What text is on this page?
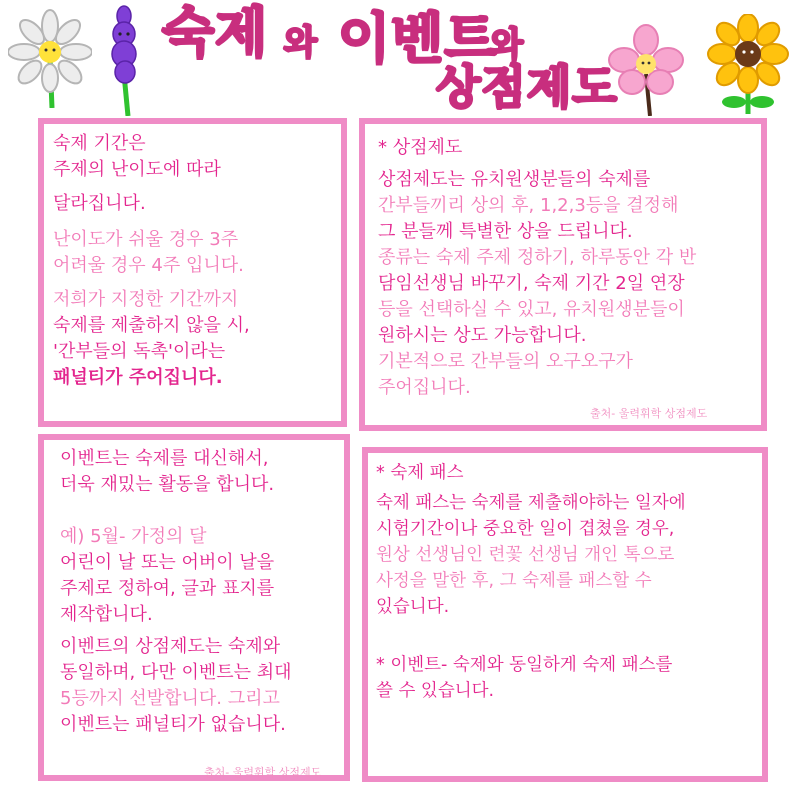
숙제 와 이벤트
와
상점제도
숙제 기간은
주제의 난이도에 따라
달라집니다.
난이도가 쉬울 경우 3주
어려울 경우 4주 입니다.
저희가 지정한 기간까지
숙제를 제출하지 않을 시,
'간부들의 독촉'이라는
패널티가 주어집니다.
* 상점제도
상점제도는 유치원생분들의 숙제를
간부들끼리 상의 후, 1,2,3등을 결정해
그 분들께 특별한 상을 드립니다.
종류는 숙제 주제 정하기, 하루동안 각 반
담임선생님 바꾸기, 숙제 기간 2일 연장
등을 선택하실 수 있고, 유치원생분들이
원하시는 상도 가능합니다.
기본적으로 간부들의 오구오구가
주어집니다.
출처- 울력휘학 상점제도
이벤트는 숙제를 대신해서,
더욱 재밌는 활동을 합니다.
예) 5월- 가정의 달
어린이 날 또는 어버이 날을
주제로 정하여, 글과 표지를
제작합니다.
이벤트의 상점제도는 숙제와
동일하며, 다만 이벤트는 최대
5등까지 선발합니다. 그리고
이벤트는 패널티가 없습니다.
출처- 울력휘학 상점제도
* 숙제 패스
숙제 패스는 숙제를 제출해야하는 일자에
시험기간이나 중요한 일이 겹쳤을 경우,
원상 선생님인 련꽃 선생님 개인 톡으로
사정을 말한 후, 그 숙제를 패스할 수
있습니다.
* 이벤트- 숙제와 동일하게 숙제 패스를
쓸 수 있습니다.
